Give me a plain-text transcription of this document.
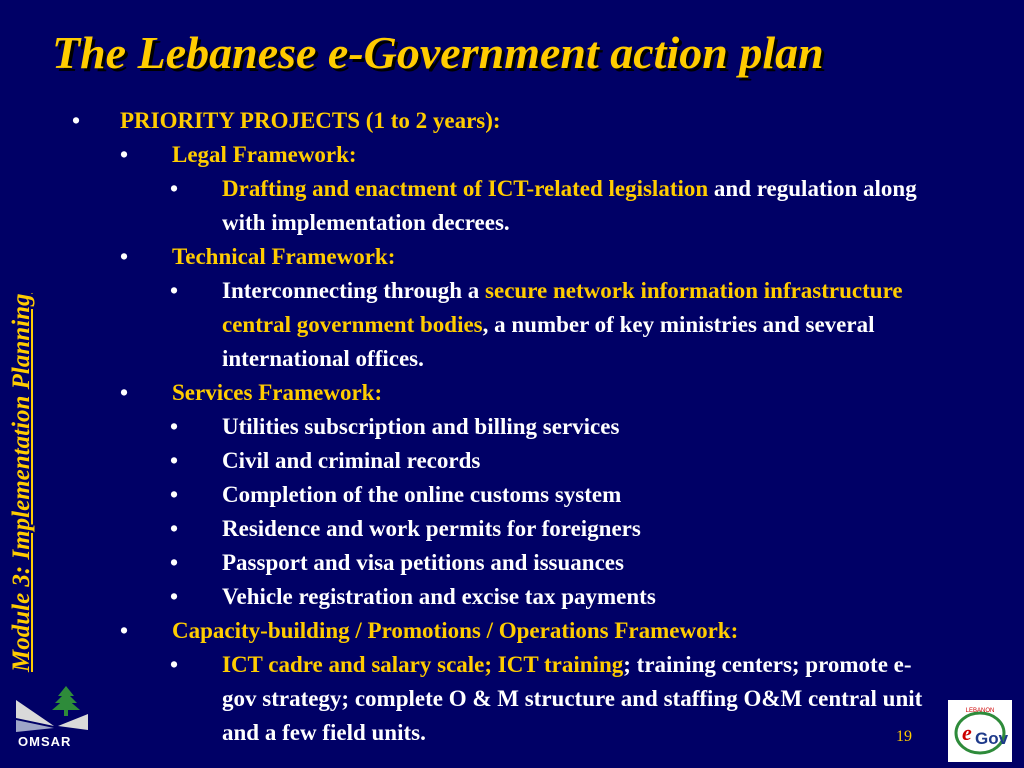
The Lebanese e-Government action plan
Module 3: Implementation Planning
•	PRIORITY PROJECTS (1 to 2 years):
•	Legal Framework:
•	Drafting and enactment of ICT-related legislation and regulation along with implementation decrees.
•	Technical Framework:
•	Interconnecting through a secure network information infrastructure central government bodies, a number of key ministries and several international offices.
•	Services Framework:
•	Utilities subscription and billing services
•	Civil and criminal records
•	Completion of the online customs system
•	Residence and work permits for foreigners
•	Passport and visa petitions and issuances
•	Vehicle registration and excise tax payments
•	Capacity-building / Promotions / Operations Framework:
•	ICT cadre and salary scale; ICT training; training centers; promote e-gov strategy; complete O & M structure and staffing O&M central unit and a few field units.
OMSAR	19
LEBANON
e Gov
